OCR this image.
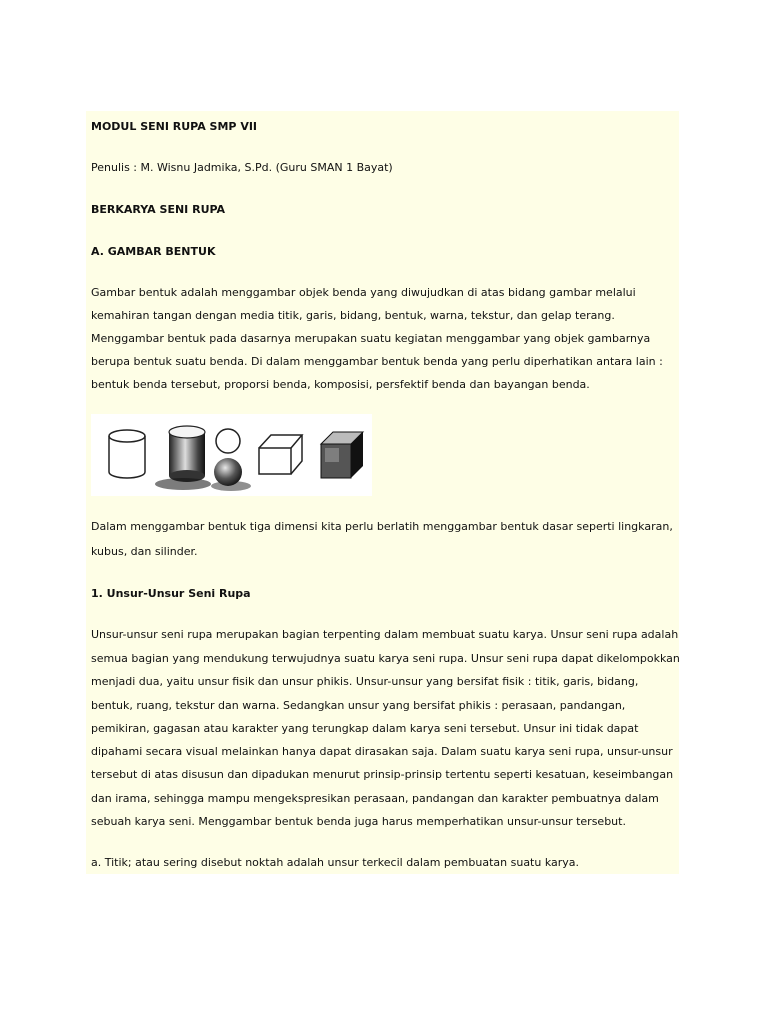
MODUL SENI RUPA SMP VII
Penulis : M. Wisnu Jadmika, S.Pd. (Guru SMAN 1 Bayat)
BERKARYA SENI RUPA
A. GAMBAR BENTUK
Gambar bentuk adalah menggambar objek benda yang diwujudkan di atas bidang gambar melalui
kemahiran tangan dengan media titik, garis, bidang, bentuk, warna, tekstur, dan gelap terang.
Menggambar bentuk pada dasarnya merupakan suatu kegiatan menggambar yang objek gambarnya
berupa bentuk suatu benda. Di dalam menggambar bentuk benda yang perlu diperhatikan antara lain :
bentuk benda tersebut, proporsi benda, komposisi, persfektif benda dan bayangan benda.
Dalam menggambar bentuk tiga dimensi kita perlu berlatih menggambar bentuk dasar seperti lingkaran,
kubus, dan silinder.
1. Unsur-Unsur Seni Rupa
Unsur-unsur seni rupa merupakan bagian terpenting dalam membuat suatu karya. Unsur seni rupa adalah
semua bagian yang mendukung terwujudnya suatu karya seni rupa. Unsur seni rupa dapat dikelompokkan
menjadi dua, yaitu unsur fisik dan unsur phikis. Unsur-unsur yang bersifat fisik : titik, garis, bidang,
bentuk, ruang, tekstur dan warna. Sedangkan unsur yang bersifat phikis : perasaan, pandangan,
pemikiran, gagasan atau karakter yang terungkap dalam karya seni tersebut. Unsur ini tidak dapat
dipahami secara visual melainkan hanya dapat dirasakan saja. Dalam suatu karya seni rupa, unsur-unsur
tersebut di atas disusun dan dipadukan menurut prinsip-prinsip tertentu seperti kesatuan, keseimbangan
dan irama, sehingga mampu mengekspresikan perasaan, pandangan dan karakter pembuatnya dalam
sebuah karya seni. Menggambar bentuk benda juga harus memperhatikan unsur-unsur tersebut.
a. Titik; atau sering disebut noktah adalah unsur terkecil dalam pembuatan suatu karya.
